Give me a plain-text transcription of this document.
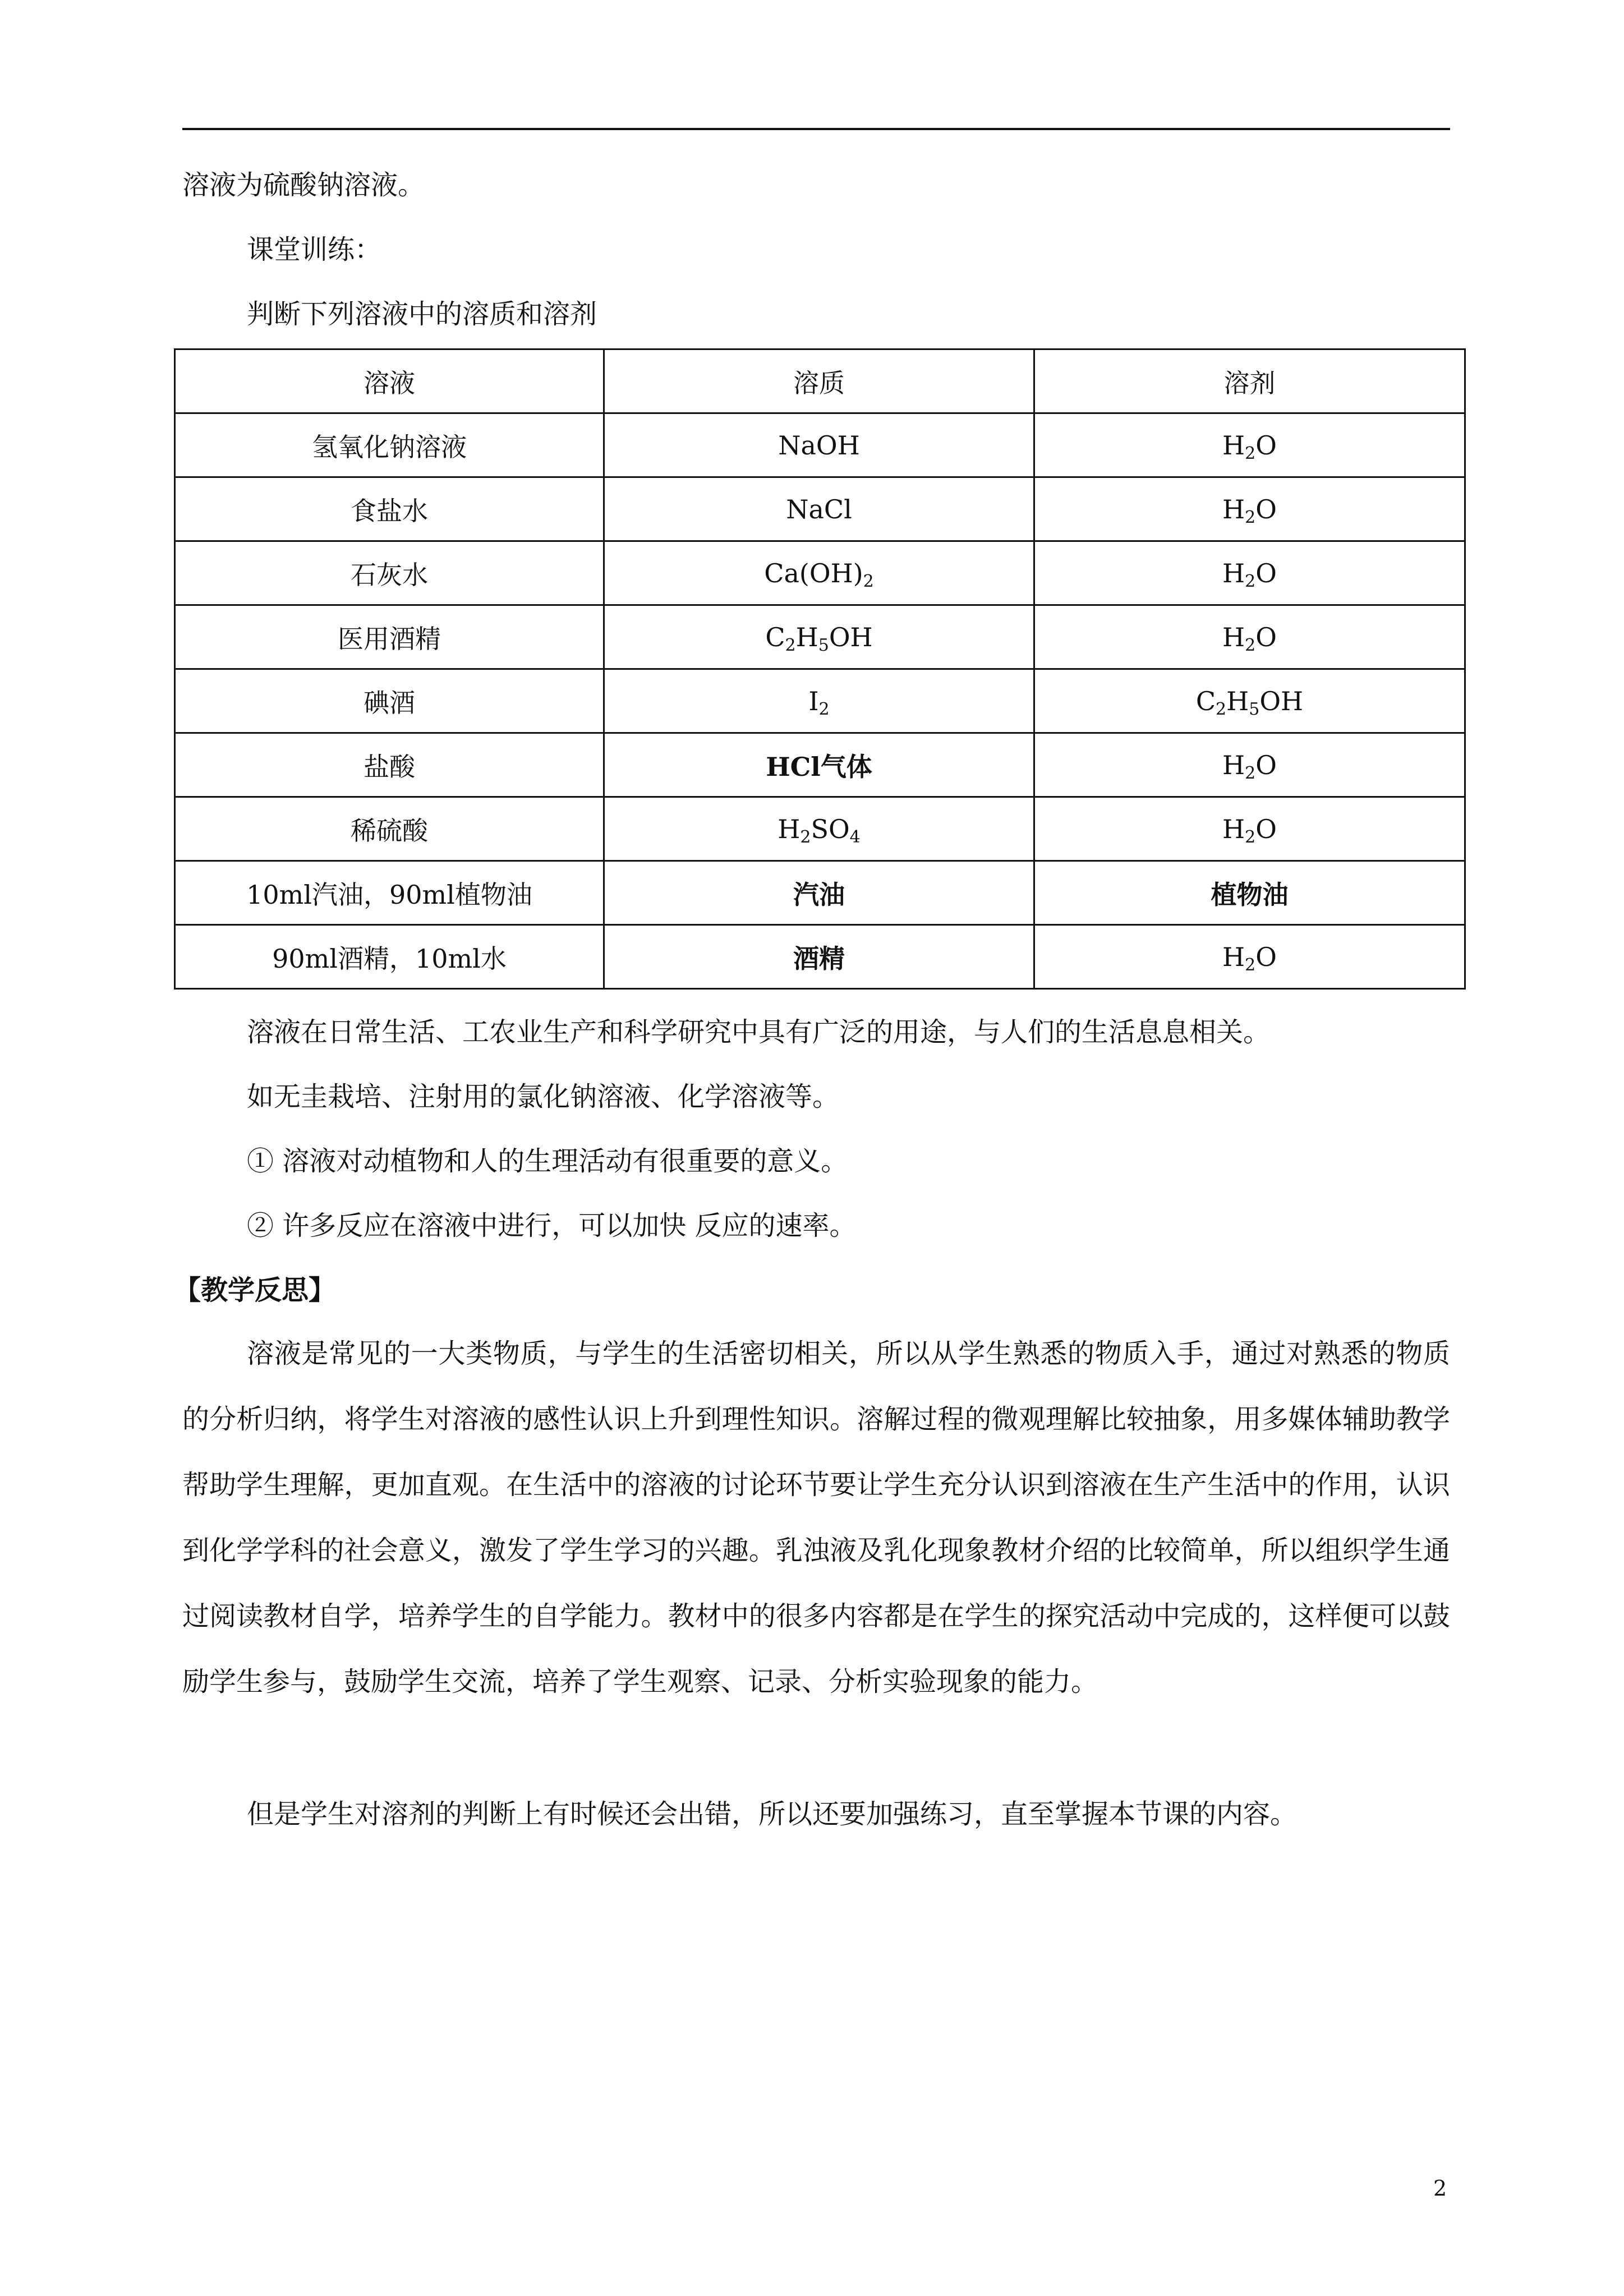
溶液为硫酸钠溶液。
课堂训练：
判断下列溶液中的溶质和溶剂
溶液	溶质	溶剂
氢氧化钠溶液	NaOH	$H_2O$
食盐水	NaCl	$H_2O$
石灰水	$Ca(OH)_2$	$H_2O$
医用酒精	$C_2H_5OH$	$H_2O$
碘酒	$I_2$	$C_2H_5OH$
盐酸	HCl气体	$H_2O$
稀硫酸	$H_2SO_4$	$H_2O$
10ml汽油，90ml植物油	汽油	植物油
90ml酒精，10ml水	酒精	$H_2O$
溶液在日常生活、工农业生产和科学研究中具有广泛的用途，与人们的生活息息相关。
如无圭栽培、注射用的氯化钠溶液、化学溶液等。
① 溶液对动植物和人的生理活动有很重要的意义。
② 许多反应在溶液中进行，可以加快 反应的速率。
【教学反思】
溶液是常见的一大类物质，与学生的生活密切相关，所以从学生熟悉的物质入手，通过对熟悉的物质的分析归纳，将学生对溶液的感性认识上升到理性知识。溶解过程的微观理解比较抽象，用多媒体辅助教学帮助学生理解，更加直观。在生活中的溶液的讨论环节要让学生充分认识到溶液在生产生活中的作用，认识到化学学科的社会意义，激发了学生学习的兴趣。乳浊液及乳化现象教材介绍的比较简单，所以组织学生通过阅读教材自学，培养学生的自学能力。教材中的很多内容都是在学生的探究活动中完成的，这样便可以鼓励学生参与，鼓励学生交流，培养了学生观察、记录、分析实验现象的能力。
但是学生对溶剂的判断上有时候还会出错，所以还要加强练习，直至掌握本节课的内容。
2
